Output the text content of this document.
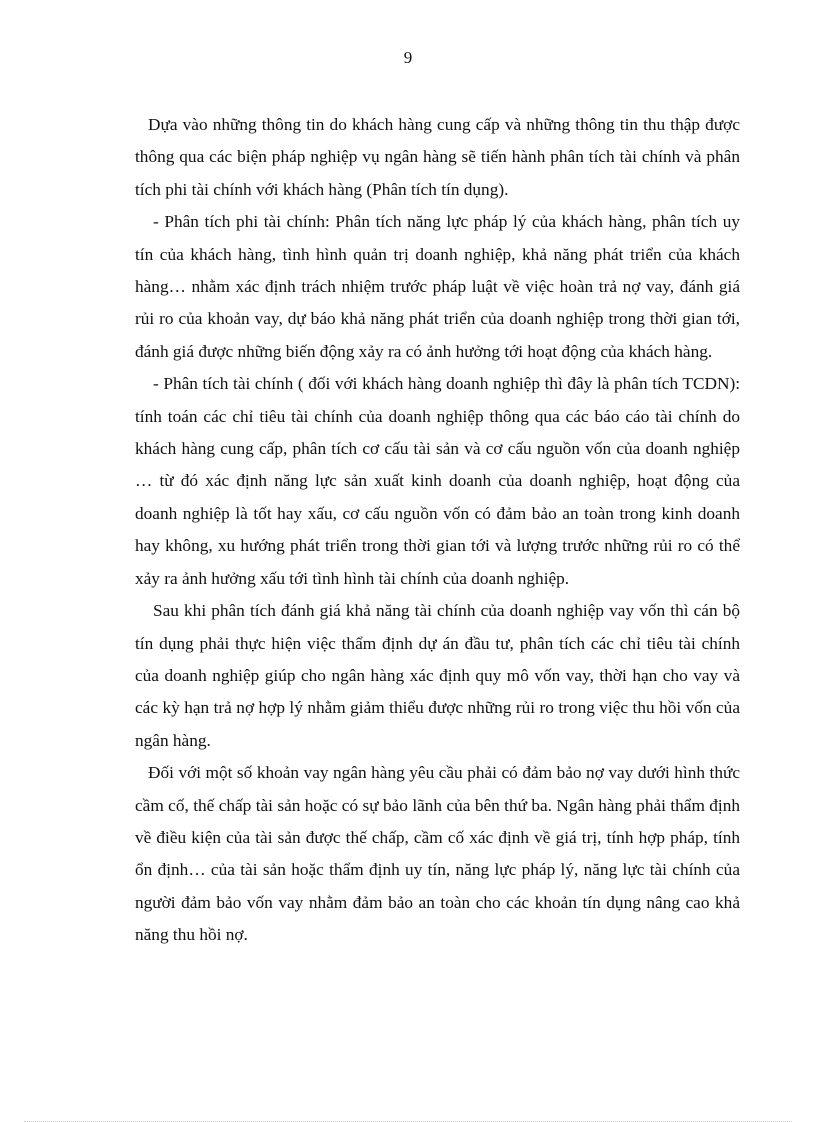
9

Dựa vào những thông tin do khách hàng cung cấp và những thông tin thu thập được thông qua các biện pháp nghiệp vụ ngân hàng sẽ tiến hành phân tích tài chính và phân tích phi tài chính với khách hàng (Phân tích tín dụng).

- Phân tích phi tài chính: Phân tích năng lực pháp lý của khách hàng, phân tích uy tín của khách hàng, tình hình quản trị doanh nghiệp, khả năng phát triển của khách hàng… nhằm xác định trách nhiệm trước pháp luật về việc hoàn trả nợ vay, đánh giá rủi ro của khoản vay, dự báo khả năng phát triển của doanh nghiệp trong thời gian tới, đánh giá được những biến động xảy ra có ảnh hưởng tới hoạt động của khách hàng.

- Phân tích tài chính ( đối với khách hàng doanh nghiệp thì đây là phân tích TCDN): tính toán các chỉ tiêu tài chính của doanh nghiệp thông qua các báo cáo tài chính do khách hàng cung cấp, phân tích cơ cấu tài sản và cơ cấu nguồn vốn của doanh nghiệp … từ đó xác định năng lực sản xuất kinh doanh của doanh nghiệp, hoạt động của doanh nghiệp là tốt hay xấu, cơ cấu nguồn vốn có đảm bảo an toàn trong kinh doanh hay không, xu hướng phát triển trong thời gian tới và lượng trước những rủi ro có thể xảy ra ảnh hưởng xấu tới tình hình tài chính của doanh nghiệp.

Sau khi phân tích đánh giá khả năng tài chính của doanh nghiệp vay vốn thì cán bộ tín dụng phải thực hiện việc thẩm định dự án đầu tư, phân tích các chỉ tiêu tài chính của doanh nghiệp giúp cho ngân hàng xác định quy mô vốn vay, thời hạn cho vay và các kỳ hạn trả nợ hợp lý nhằm giảm thiểu được những rủi ro trong việc thu hồi vốn của ngân hàng.

Đối với một số khoản vay ngân hàng yêu cầu phải có đảm bảo nợ vay dưới hình thức cầm cố, thế chấp tài sản hoặc có sự bảo lãnh của bên thứ ba. Ngân hàng phải thẩm định về điều kiện của tài sản được thế chấp, cầm cố xác định về giá trị, tính hợp pháp, tính ổn định… của tài sản hoặc thẩm định uy tín, năng lực pháp lý, năng lực tài chính của người đảm bảo vốn vay nhằm đảm bảo an toàn cho các khoản tín dụng nâng cao khả năng thu hồi nợ.
